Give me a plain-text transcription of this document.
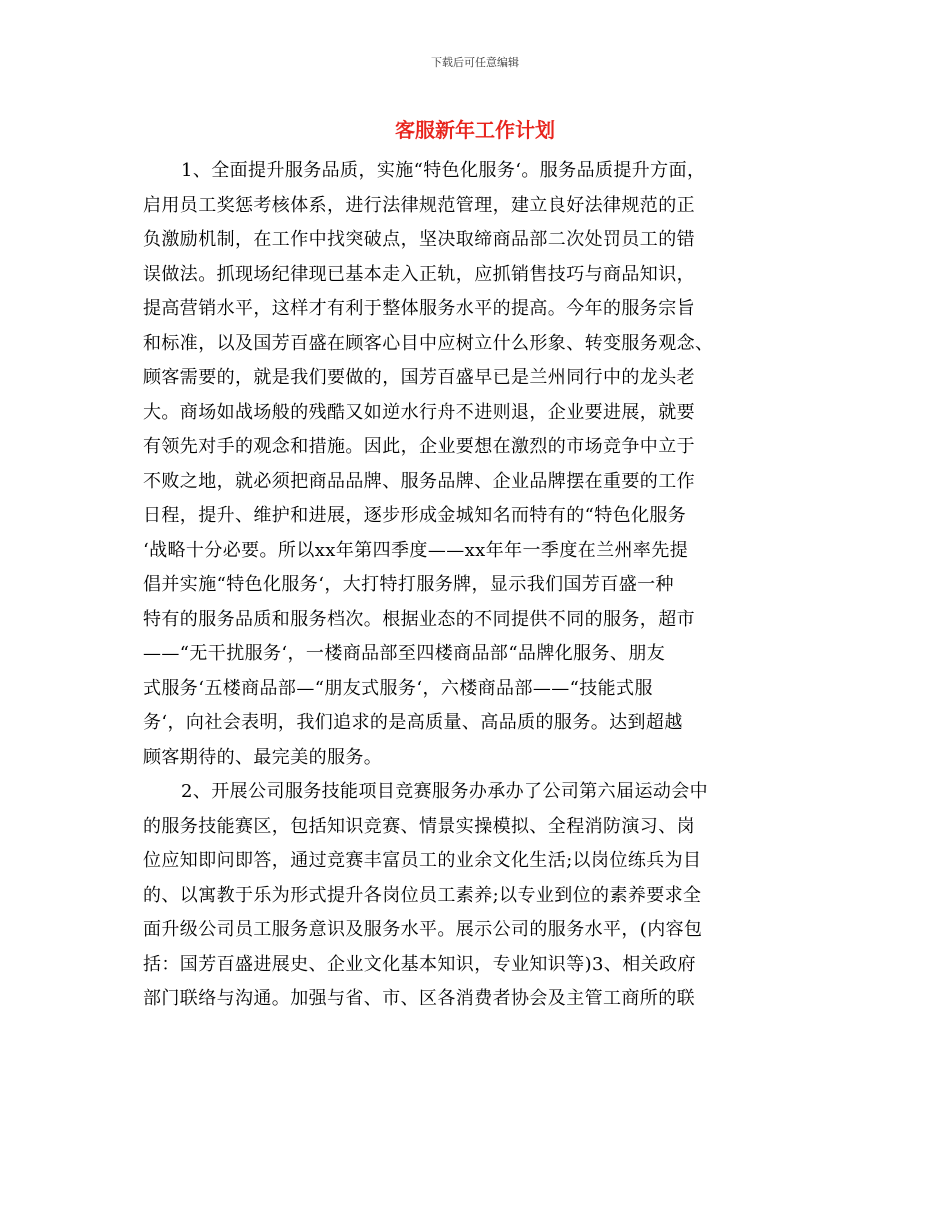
下载后可任意编辑
客服新年工作计划
1、全面提升服务品质，实施“特色化服务‘。服务品质提升方面，
启用员工奖惩考核体系，进行法律规范管理，建立良好法律规范的正
负激励机制，在工作中找突破点，坚决取缔商品部二次处罚员工的错
误做法。抓现场纪律现已基本走入正轨，应抓销售技巧与商品知识，
提高营销水平，这样才有利于整体服务水平的提高。今年的服务宗旨
和标准，以及国芳百盛在顾客心目中应树立什么形象、转变服务观念、
顾客需要的，就是我们要做的，国芳百盛早已是兰州同行中的龙头老
大。商场如战场般的残酷又如逆水行舟不进则退，企业要进展，就要
有领先对手的观念和措施。因此，企业要想在激烈的市场竞争中立于
不败之地，就必须把商品品牌、服务品牌、企业品牌摆在重要的工作
日程，提升、维护和进展，逐步形成金城知名而特有的“特色化服务
‘战略十分必要。所以xx年第四季度——xx年年一季度在兰州率先提
倡并实施“特色化服务‘，大打特打服务牌，显示我们国芳百盛一种
特有的服务品质和服务档次。根据业态的不同提供不同的服务，超市
——“无干扰服务‘，一楼商品部至四楼商品部“品牌化服务、朋友
式服务‘五楼商品部—“朋友式服务‘，六楼商品部——“技能式服
务‘，向社会表明，我们追求的是高质量、高品质的服务。达到超越
顾客期待的、最完美的服务。
2、开展公司服务技能项目竞赛服务办承办了公司第六届运动会中
的服务技能赛区，包括知识竞赛、情景实操模拟、全程消防演习、岗
位应知即问即答，通过竞赛丰富员工的业余文化生活;以岗位练兵为目
的、以寓教于乐为形式提升各岗位员工素养;以专业到位的素养要求全
面升级公司员工服务意识及服务水平。展示公司的服务水平，(内容包
括：国芳百盛进展史、企业文化基本知识，专业知识等)3、相关政府
部门联络与沟通。加强与省、市、区各消费者协会及主管工商所的联
